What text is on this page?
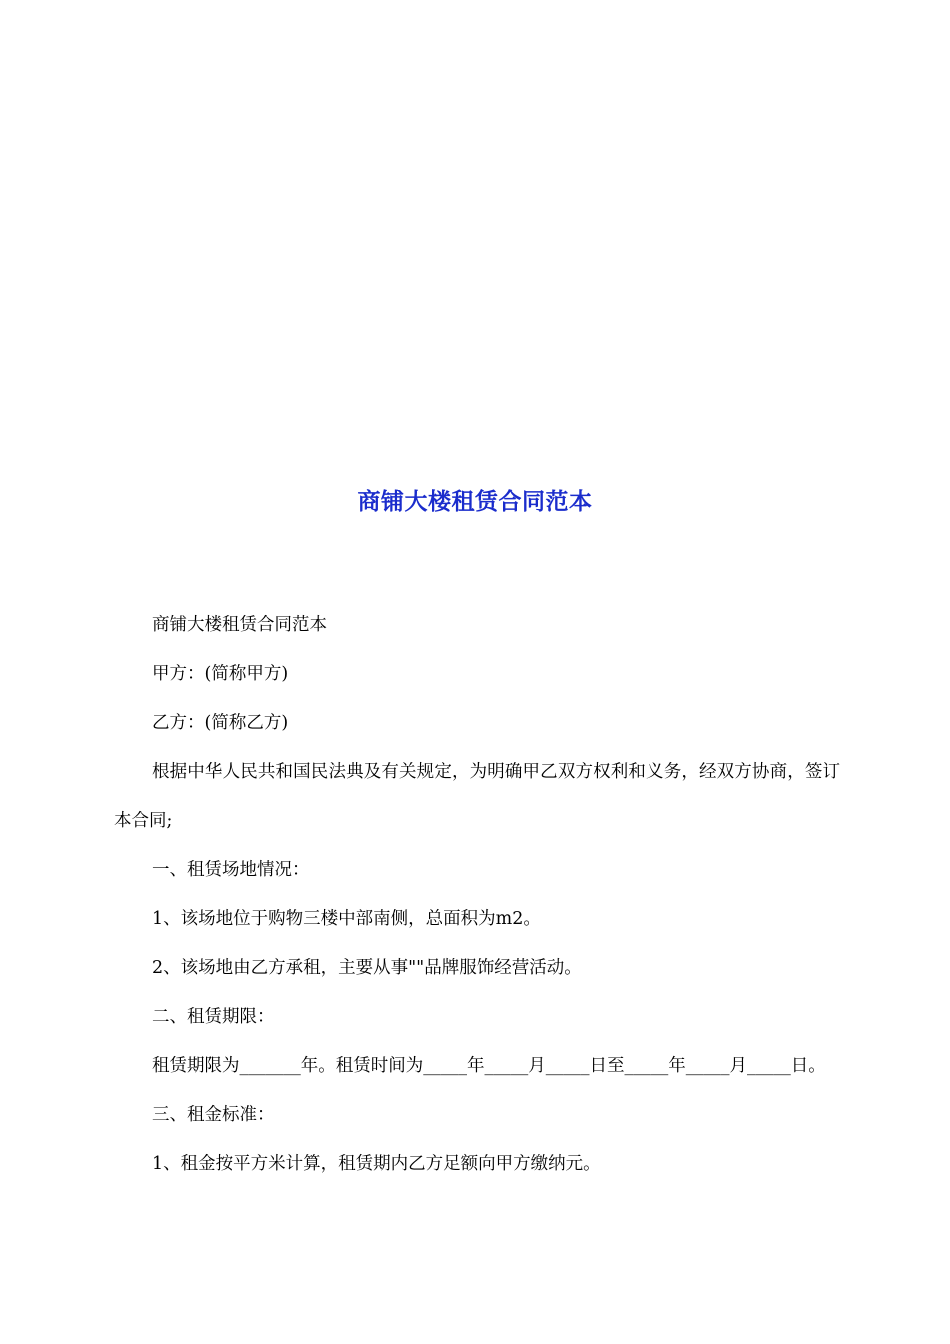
商铺大楼租赁合同范本

商铺大楼租赁合同范本

甲方：(简称甲方)

乙方：(简称乙方)

根据中华人民共和国民法典及有关规定，为明确甲乙双方权利和义务，经双方协商，签订本合同;

一、租赁场地情况：

1、该场地位于购物三楼中部南侧，总面积为m2。

2、该场地由乙方承租，主要从事""品牌服饰经营活动。

二、租赁期限：

租赁期限为_______年。租赁时间为_____年_____月_____日至_____年_____月_____日。

三、租金标准：

1、租金按平方米计算，租赁期内乙方足额向甲方缴纳元。
